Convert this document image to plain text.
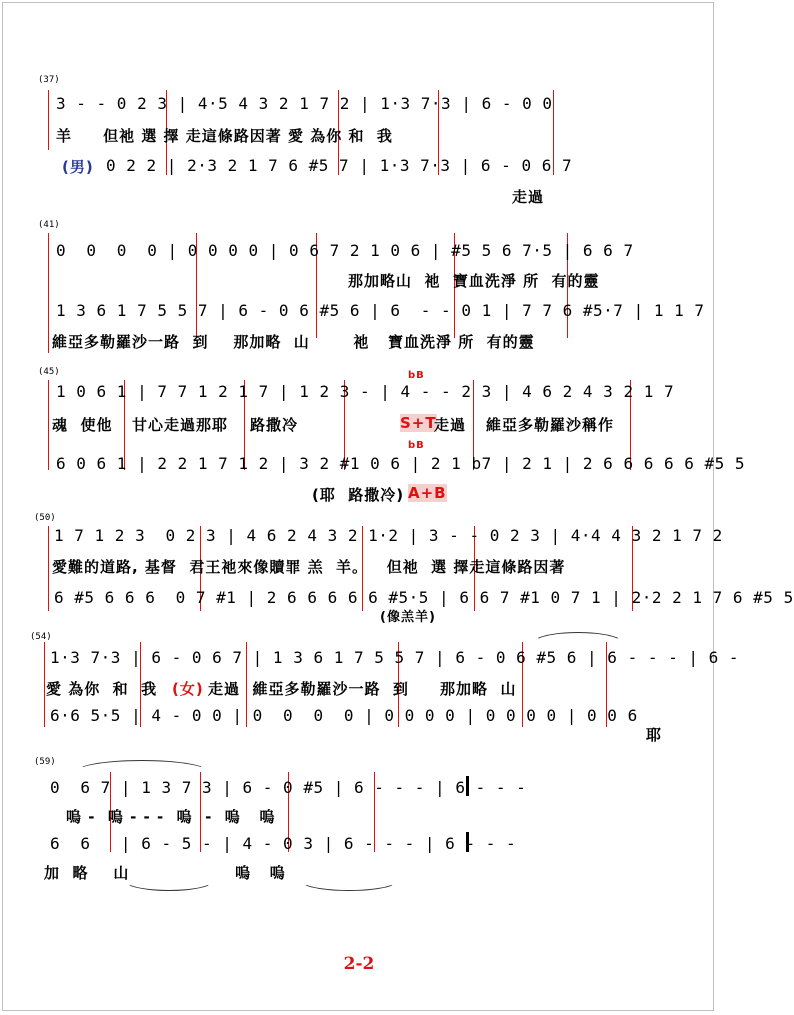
(37)
3 - - 0 2 3 | 4·5 4 3 2 1 7 2 | 1·3 7·3 | 6 - 0 0
羊     但祂 選 擇 走這條路因著 愛 為你 和  我
(男) 0 2 2 | 2·3 2 1 7 6 #5 7 | 1·3 7·3 | 6 - 0 6 7
走過
(41)
0  0  0  0 | 0 0 0 0 | 0 6 7 2 1 0 6 | #5 5 6 7·5 | 6 6 7
那加略山  祂  寶血洗淨 所  有的靈
1 3 6 1 7 5 5 7 | 6 - 0 6 #5 6 | 6  - - 0 1 | 7 7 6 #5·7 | 1 1 7
維亞多勒羅沙一路  到    那加略  山       祂   寶血洗淨 所  有的靈
(45)
1 0 6 1 | 7 7 1 2 1 7 | 1 2 3 - | 4 - - 2 3 | 4 6 2 4 3 2 1 7
bB
魂  使他 甘心走過那耶 路撒冷	S+T
走過 維亞多勒羅沙稱作
bB
6 0 6 1 | 2 2 1 7 1 2 | 3 2 #1 0 6 | 2 1 b7 | 2 1 | 2 6 6 6 6 6 #5 5
(耶  路撒冷) A+B
(50)
1 7 1 2 3  0 2 3 | 4 6 2 4 3 2 1·2 | 3 - - 0 2 3 | 4·4 4 3 2 1 7 2
愛難的道路, 基督  君王祂來像贖罪 羔  羊。   但祂  選 擇走這條路因著
6 #5 6 6 6  0 7 #1 | 2 6 6 6 6 6 #5·5 | 6 6 7 #1 0 7 1 | 2·2 2 1 7 6 #5 5
(像羔羊)
(54)
1·3 7·3 | 6 - 0 6 7 | 1 3 6 1 7 5 5 7 | 6 - 0 6 #5 6 | 6 - - - | 6 -
愛 為你  和  我 (女) 走過  維亞多勒羅沙一路  到     那加略  山
6·6 5·5 | 4 - 0 0 | 0  0  0  0 | 0 0 0 0 | 0 0 0 0 | 0 0 6
耶
(59)
0  6 7 | 1 3 7 3 | 6 - 0 #5 | 6 - - - | 6 - - -
嗚 -  嗚 - - -  嗚  -  嗚   嗚
6  6   | 6 - 5 - | 4 - 0 3 | 6 - - - | 6 - - -
加  略    山                 嗚   嗚
2-2
